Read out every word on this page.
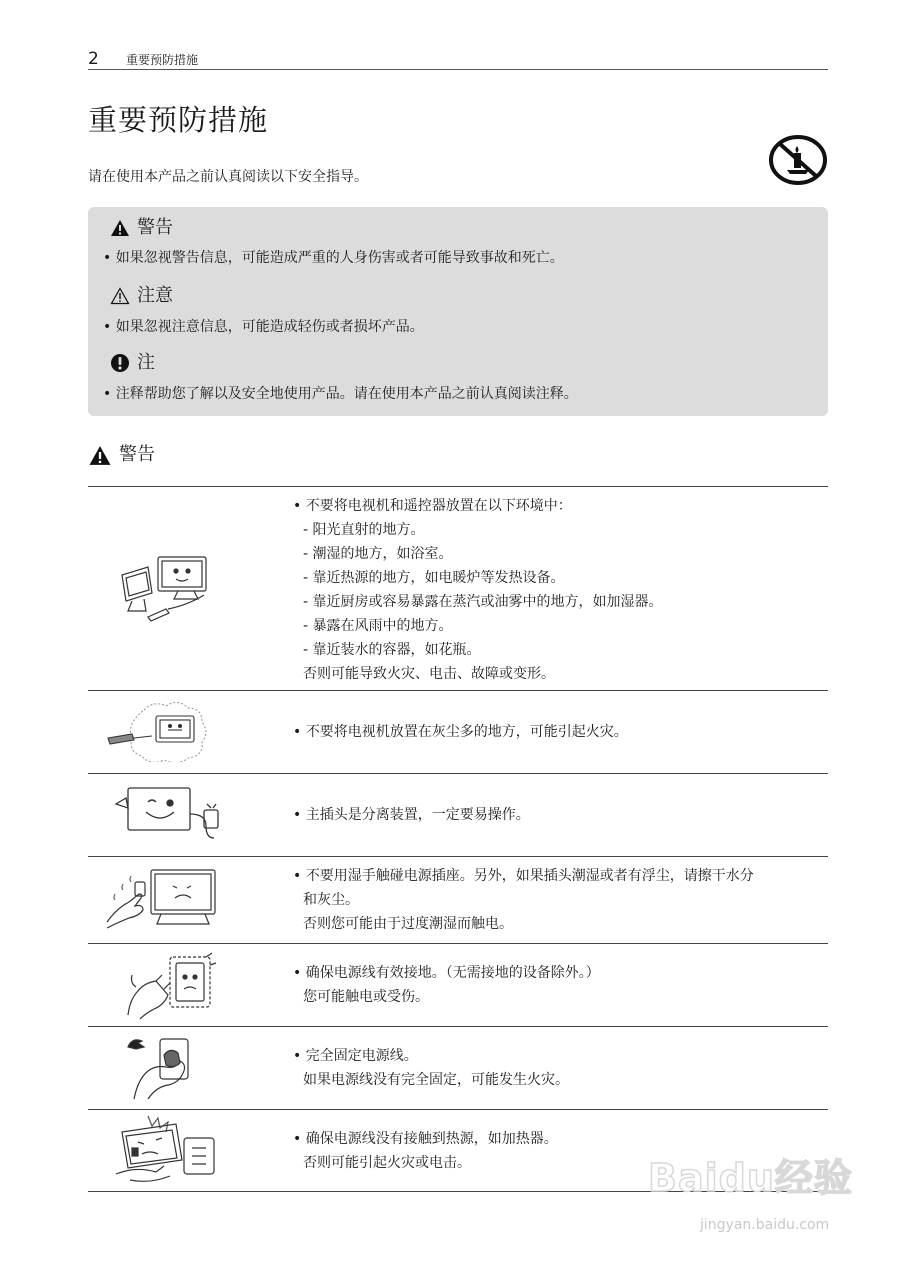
2 重要预防措施
重要预防措施

请在使用本产品之前认真阅读以下安全指导。

警告
• 如果忽视警告信息，可能造成严重的人身伤害或者可能导致事故和死亡。
注意
• 如果忽视注意信息，可能造成轻伤或者损坏产品。
注
• 注释帮助您了解以及安全地使用产品。请在使用本产品之前认真阅读注释。
警告
• 不要将电视机和遥控器放置在以下环境中：
- 阳光直射的地方。
- 潮湿的地方，如浴室。
- 靠近热源的地方，如电暖炉等发热设备。
- 靠近厨房或容易暴露在蒸汽或油雾中的地方，如加湿器。
- 暴露在风雨中的地方。
- 靠近装水的容器，如花瓶。
否则可能导致火灾、电击、故障或变形。
• 不要将电视机放置在灰尘多的地方，可能引起火灾。
• 主插头是分离装置，一定要易操作。
• 不要用湿手触碰电源插座。另外，如果插头潮湿或者有浮尘，请擦干水分
和灰尘。
否则您可能由于过度潮湿而触电。
• 确保电源线有效接地。（无需接地的设备除外。）
您可能触电或受伤。
• 完全固定电源线。
如果电源线没有完全固定，可能发生火灾。
• 确保电源线没有接触到热源，如加热器。
否则可能引起火灾或电击。	Baidu经验
jingyan.baidu.com
